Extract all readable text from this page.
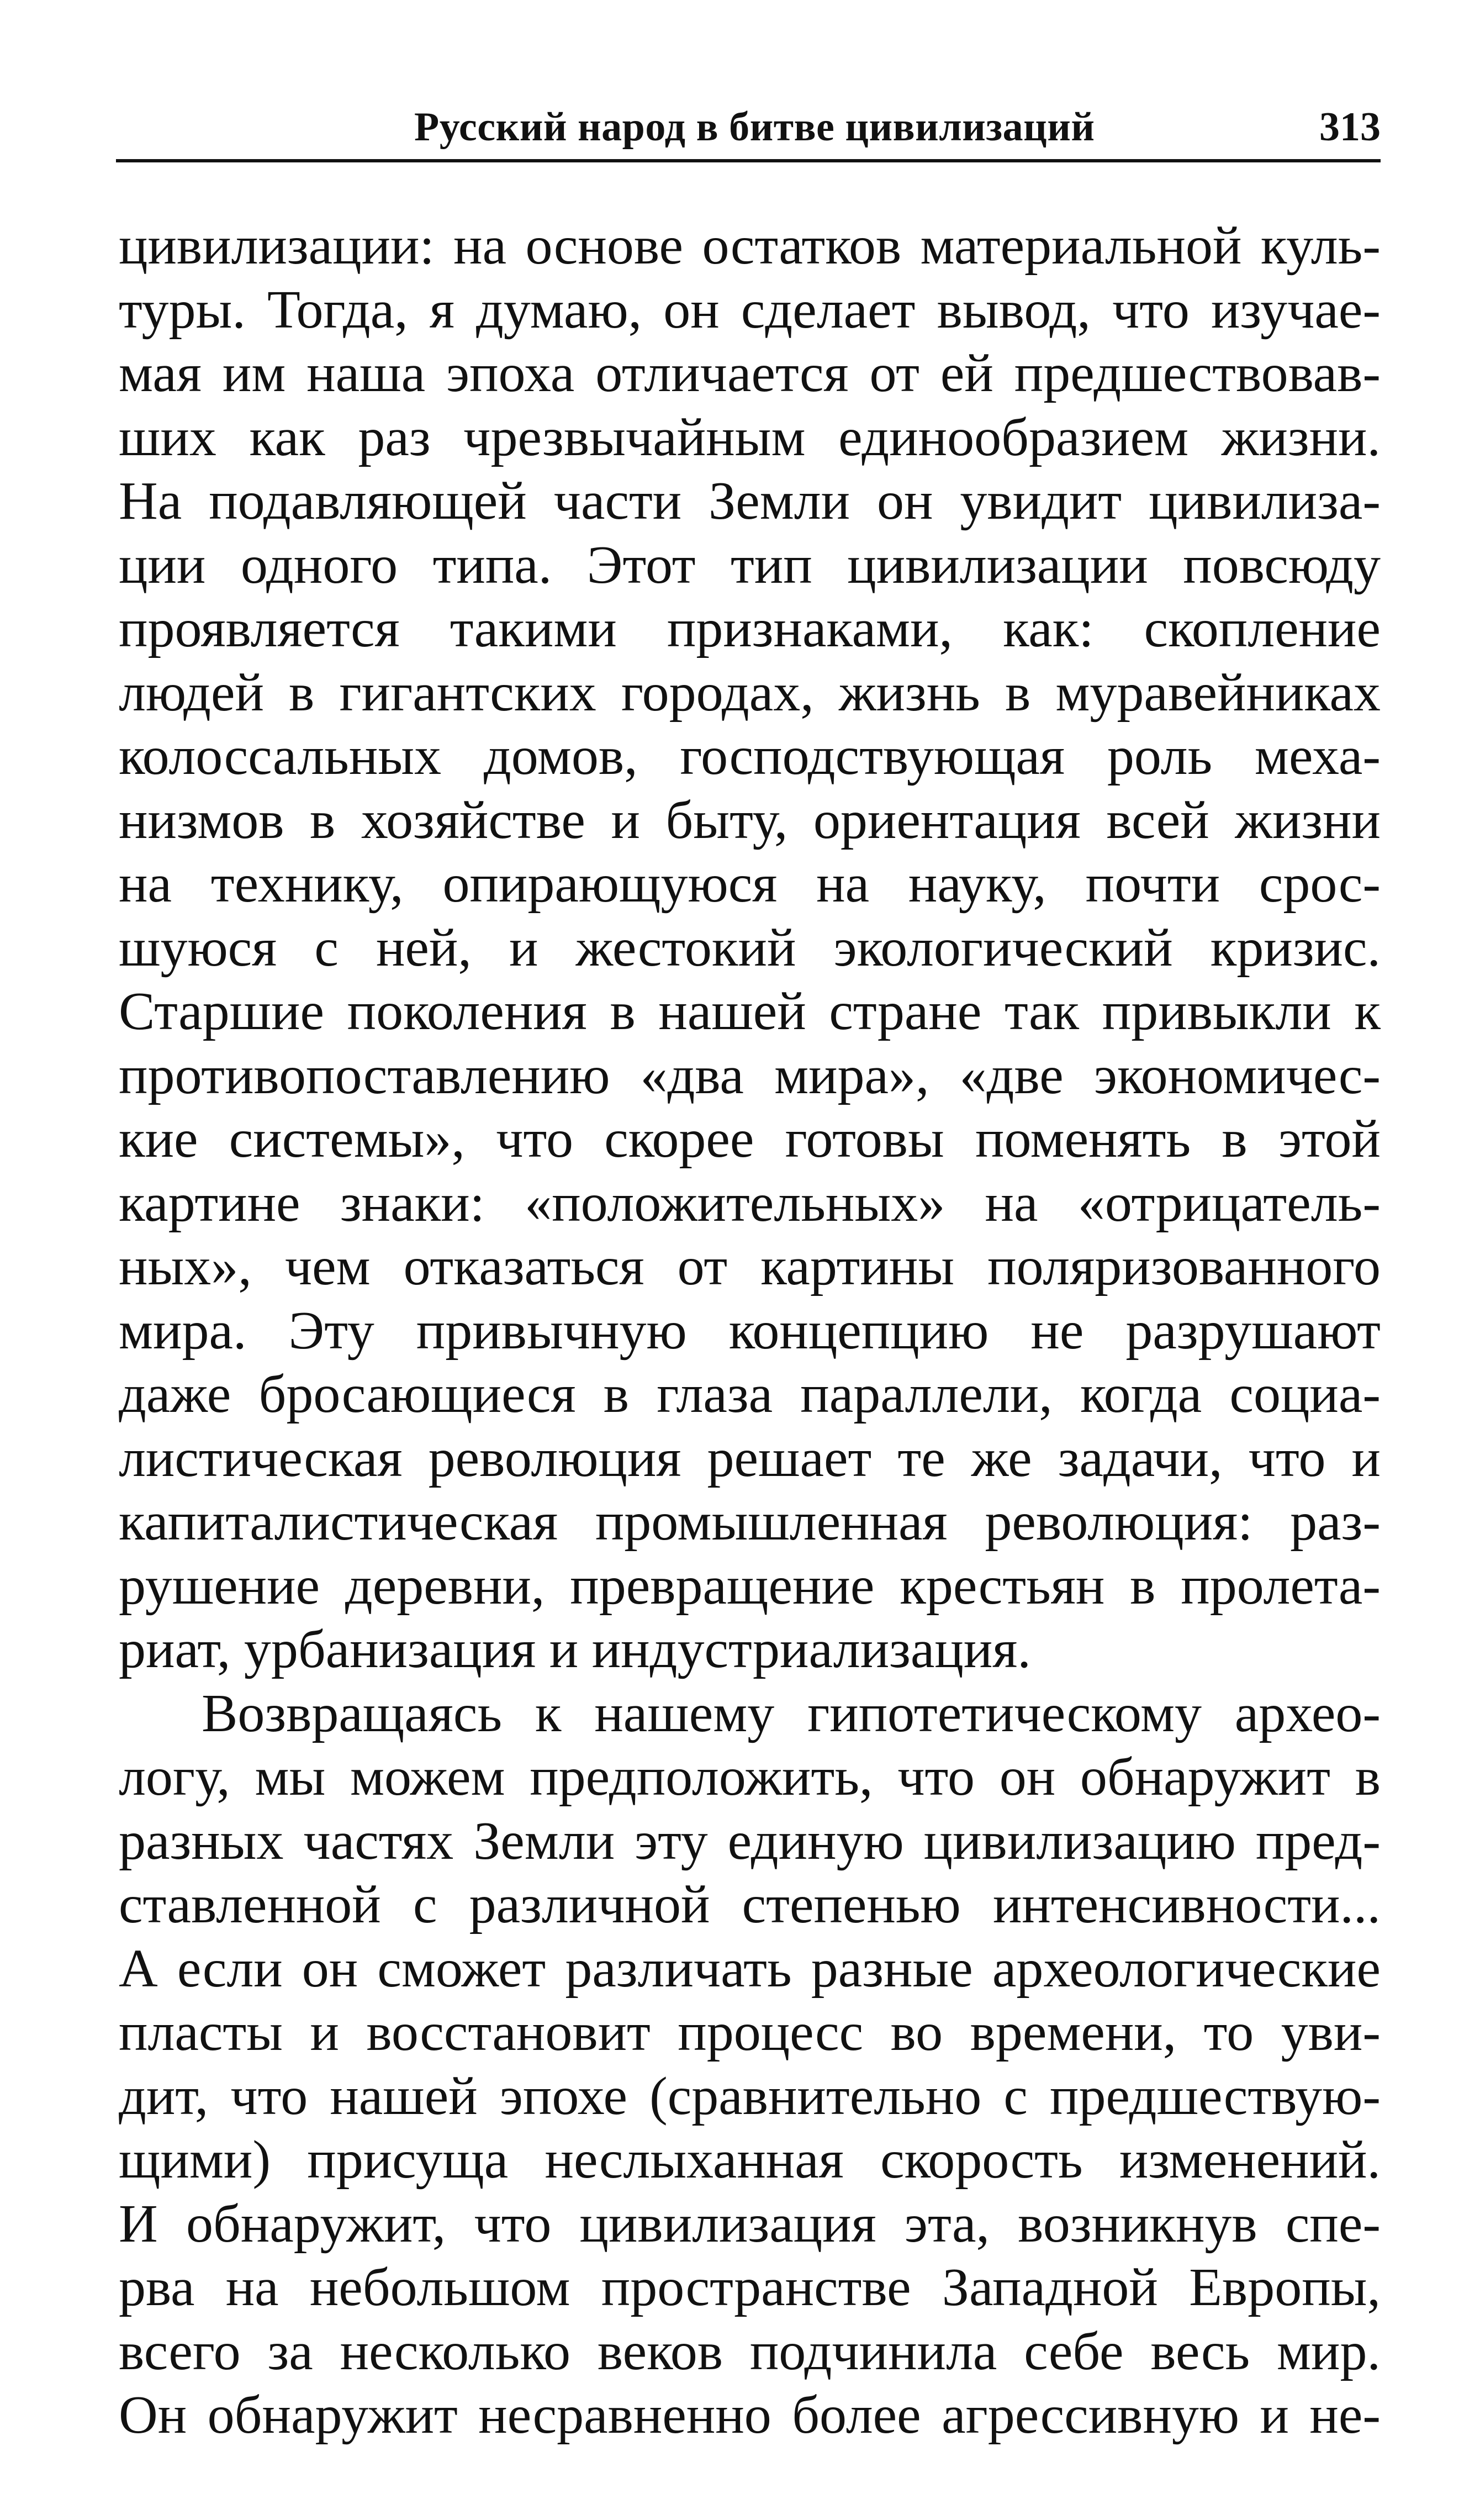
Русский народ в битве цивилизаций	313
цивилизации: на основе остатков материальной куль-
туры. Тогда, я думаю, он сделает вывод, что изучае-
мая им наша эпоха отличается от ей предшествовав-
ших как раз чрезвычайным единообразием жизни.
На подавляющей части Земли он увидит цивилиза-
ции одного типа. Этот тип цивилизации повсюду
проявляется такими признаками, как: скопление
людей в гигантских городах, жизнь в муравейниках
колоссальных домов, господствующая роль меха-
низмов в хозяйстве и быту, ориентация всей жизни
на технику, опирающуюся на науку, почти срос-
шуюся с ней, и жестокий экологический кризис.
Старшие поколения в нашей стране так привыкли к
противопоставлению «два мира», «две экономичес-
кие системы», что скорее готовы поменять в этой
картине знаки: «положительных» на «отрицатель-
ных», чем отказаться от картины поляризованного
мира. Эту привычную концепцию не разрушают
даже бросающиеся в глаза параллели, когда социа-
листическая революция решает те же задачи, что и
капиталистическая промышленная революция: раз-
рушение деревни, превращение крестьян в пролета-
риат, урбанизация и индустриализация.
Возвращаясь к нашему гипотетическому архео-
логу, мы можем предположить, что он обнаружит в
разных частях Земли эту единую цивилизацию пред-
ставленной с различной степенью интенсивности...
А если он сможет различать разные археологические
пласты и восстановит процесс во времени, то уви-
дит, что нашей эпохе (сравнительно с предшествую-
щими) присуща неслыханная скорость изменений.
И обнаружит, что цивилизация эта, возникнув спе-
рва на небольшом пространстве Западной Европы,
всего за несколько веков подчинила себе весь мир.
Он обнаружит несравненно более агрессивную и не-
